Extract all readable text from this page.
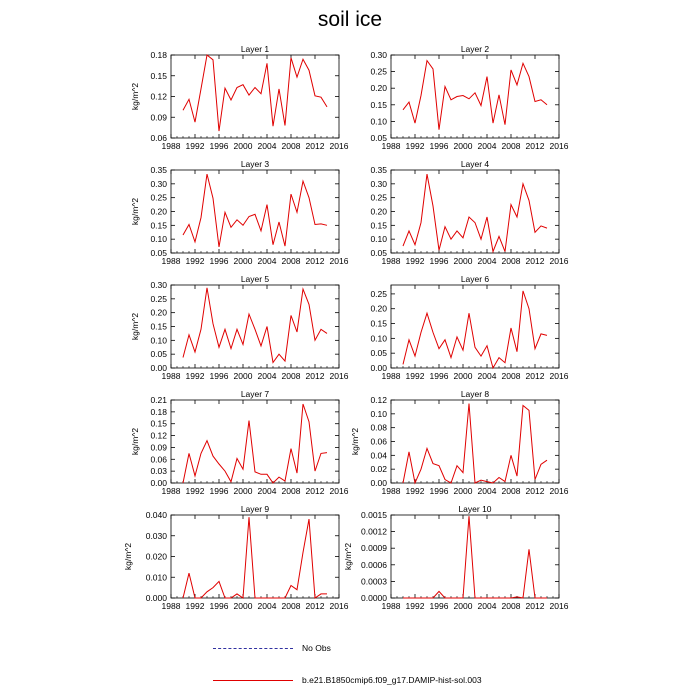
soil ice
Layer 1
1988 1992 1996 2000 2004 2008 2012 2016
0.06
0.09
0.12
0.15
0.18
kg/m^2
Layer 2
1988 1992 1996 2000 2004 2008 2012 2016
0.05
0.10
0.15
0.20
0.25
0.30
Layer 3
1988 1992 1996 2000 2004 2008 2012 2016
0.05
0.10
0.15
0.20
0.25
0.30
0.35
kg/m^2
Layer 4
1988 1992 1996 2000 2004 2008 2012 2016
0.05
0.10
0.15
0.20
0.25
0.30
0.35
Layer 5
1988 1992 1996 2000 2004 2008 2012 2016
0.00
0.05
0.10
0.15
0.20
0.25
0.30
kg/m^2
Layer 6
1988 1992 1996 2000 2004 2008 2012 2016
0.00
0.05
0.10
0.15
0.20
0.25
Layer 7
1988 1992 1996 2000 2004 2008 2012 2016
0.00
0.03
0.06
0.09
0.12
0.15
0.18
0.21
kg/m^2
Layer 8
1988 1992 1996 2000 2004 2008 2012 2016
0.00
0.02
0.04
0.06
0.08
0.10
0.12
kg/m^2
Layer 9
1988 1992 1996 2000 2004 2008 2012 2016
0.000
0.010
0.020
0.030
0.040
kg/m^2
Layer 10
1988 1992 1996 2000 2004 2008 2012 2016
0.0000
0.0003
0.0006
0.0009
0.0012
0.0015
kg/m^2
No Obs
b.e21.B1850cmip6.f09_g17.DAMIP-hist-sol.003
